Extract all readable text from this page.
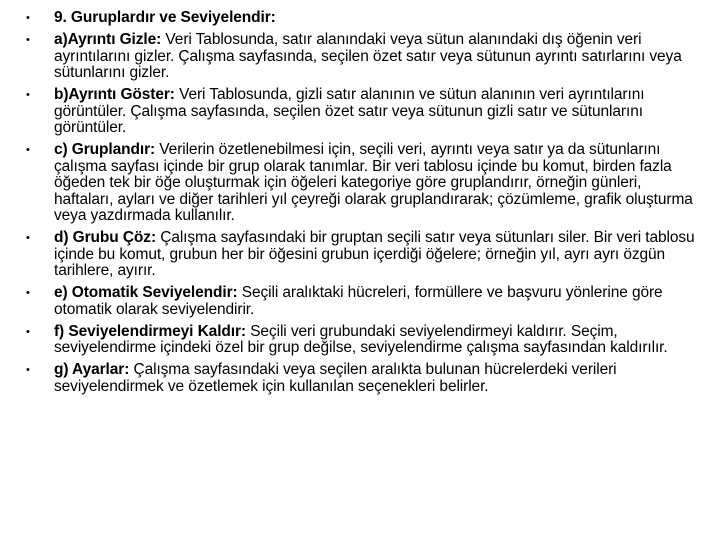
•	9. Guruplardır ve Seviyelendir:
•	a)Ayrıntı Gizle: Veri Tablosunda, satır alanındaki veya sütun alanındaki dış öğenin veri ayrıntılarını gizler. Çalışma sayfasında, seçilen özet satır veya sütunun ayrıntı satırlarını veya sütunlarını gizler.
•	b)Ayrıntı Göster: Veri Tablosunda, gizli satır alanının ve sütun alanının veri ayrıntılarını görüntüler. Çalışma sayfasında, seçilen özet satır veya sütunun gizli satır ve sütunlarını görüntüler.
•	c) Gruplandır: Verilerin özetlenebilmesi için, seçili veri, ayrıntı veya satır ya da sütunlarını çalışma sayfası içinde bir grup olarak tanımlar. Bir veri tablosu içinde bu komut, birden fazla öğeden tek bir öğe oluşturmak için öğeleri kategoriye göre gruplandırır, örneğin günleri, haftaları, ayları ve diğer tarihleri yıl çeyreği olarak gruplandırarak; çözümleme, grafik oluşturma veya yazdırmada kullanılır.
•	d) Grubu Çöz: Çalışma sayfasındaki bir gruptan seçili satır veya sütunları siler. Bir veri tablosu içinde bu komut, grubun her bir öğesini grubun içerdiği öğelere; örneğin yıl, ayrı ayrı özgün tarihlere, ayırır.
•	e) Otomatik Seviyelendir: Seçili aralıktaki hücreleri, formüllere ve başvuru yönlerine göre otomatik olarak seviyelendirir.
•	f) Seviyelendirmeyi Kaldır: Seçili veri grubundaki seviyelendirmeyi kaldırır. Seçim, seviyelendirme içindeki özel bir grup değilse, seviyelendirme çalışma sayfasından kaldırılır.
•	g) Ayarlar: Çalışma sayfasındaki veya seçilen aralıkta bulunan hücrelerdeki verileri seviyelendirmek ve özetlemek için kullanılan seçenekleri belirler.
